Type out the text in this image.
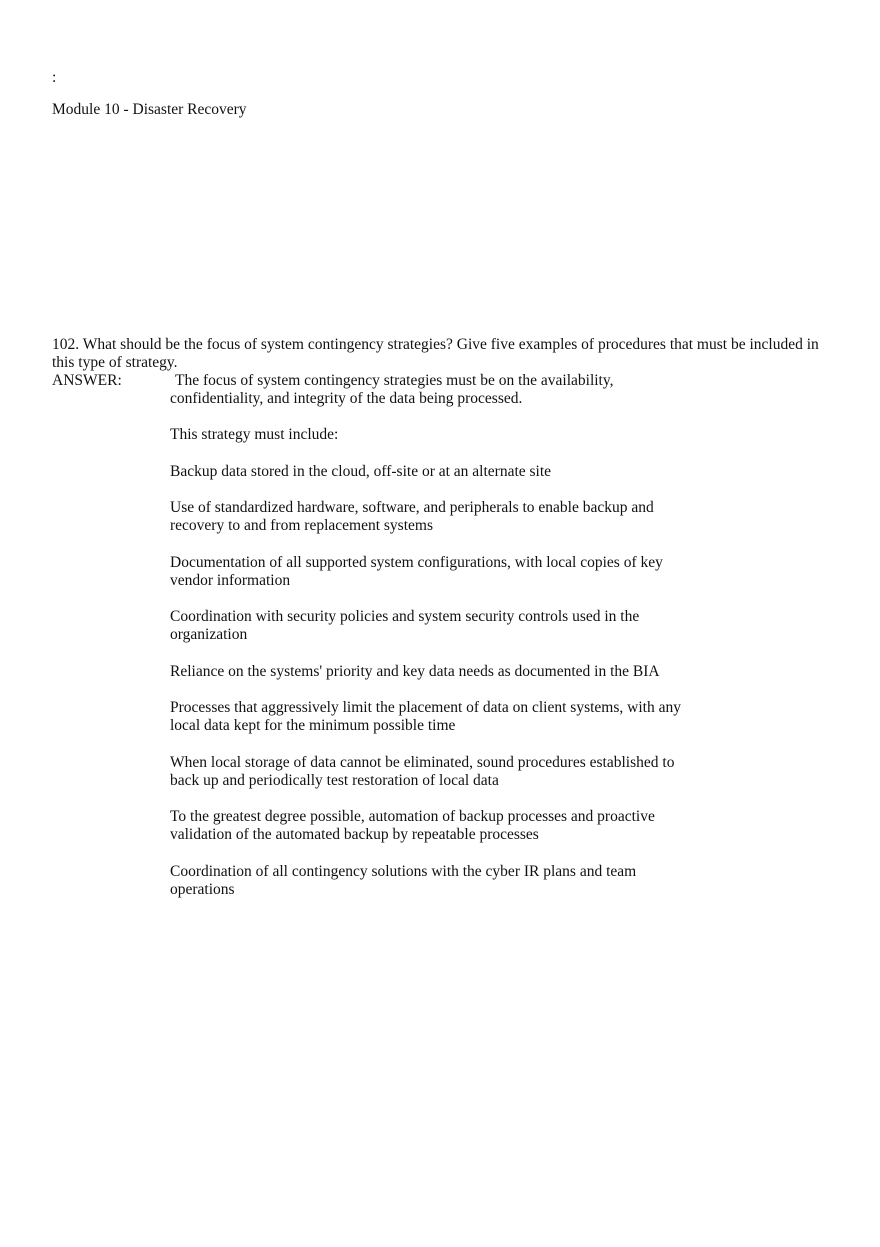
:
Module 10 - Disaster Recovery
102. What should be the focus of system contingency strategies? Give five examples of procedures that must be included in this type of strategy.
ANSWER:	The focus of system contingency strategies must be on the availability, confidentiality, and integrity of the data being processed.

This strategy must include:

Backup data stored in the cloud, off-site or at an alternate site

Use of standardized hardware, software, and peripherals to enable backup and recovery to and from replacement systems

Documentation of all supported system configurations, with local copies of key vendor information

Coordination with security policies and system security controls used in the organization

Reliance on the systems' priority and key data needs as documented in the BIA

Processes that aggressively limit the placement of data on client systems, with any local data kept for the minimum possible time

When local storage of data cannot be eliminated, sound procedures established to back up and periodically test restoration of local data

To the greatest degree possible, automation of backup processes and proactive validation of the automated backup by repeatable processes

Coordination of all contingency solutions with the cyber IR plans and team operations
